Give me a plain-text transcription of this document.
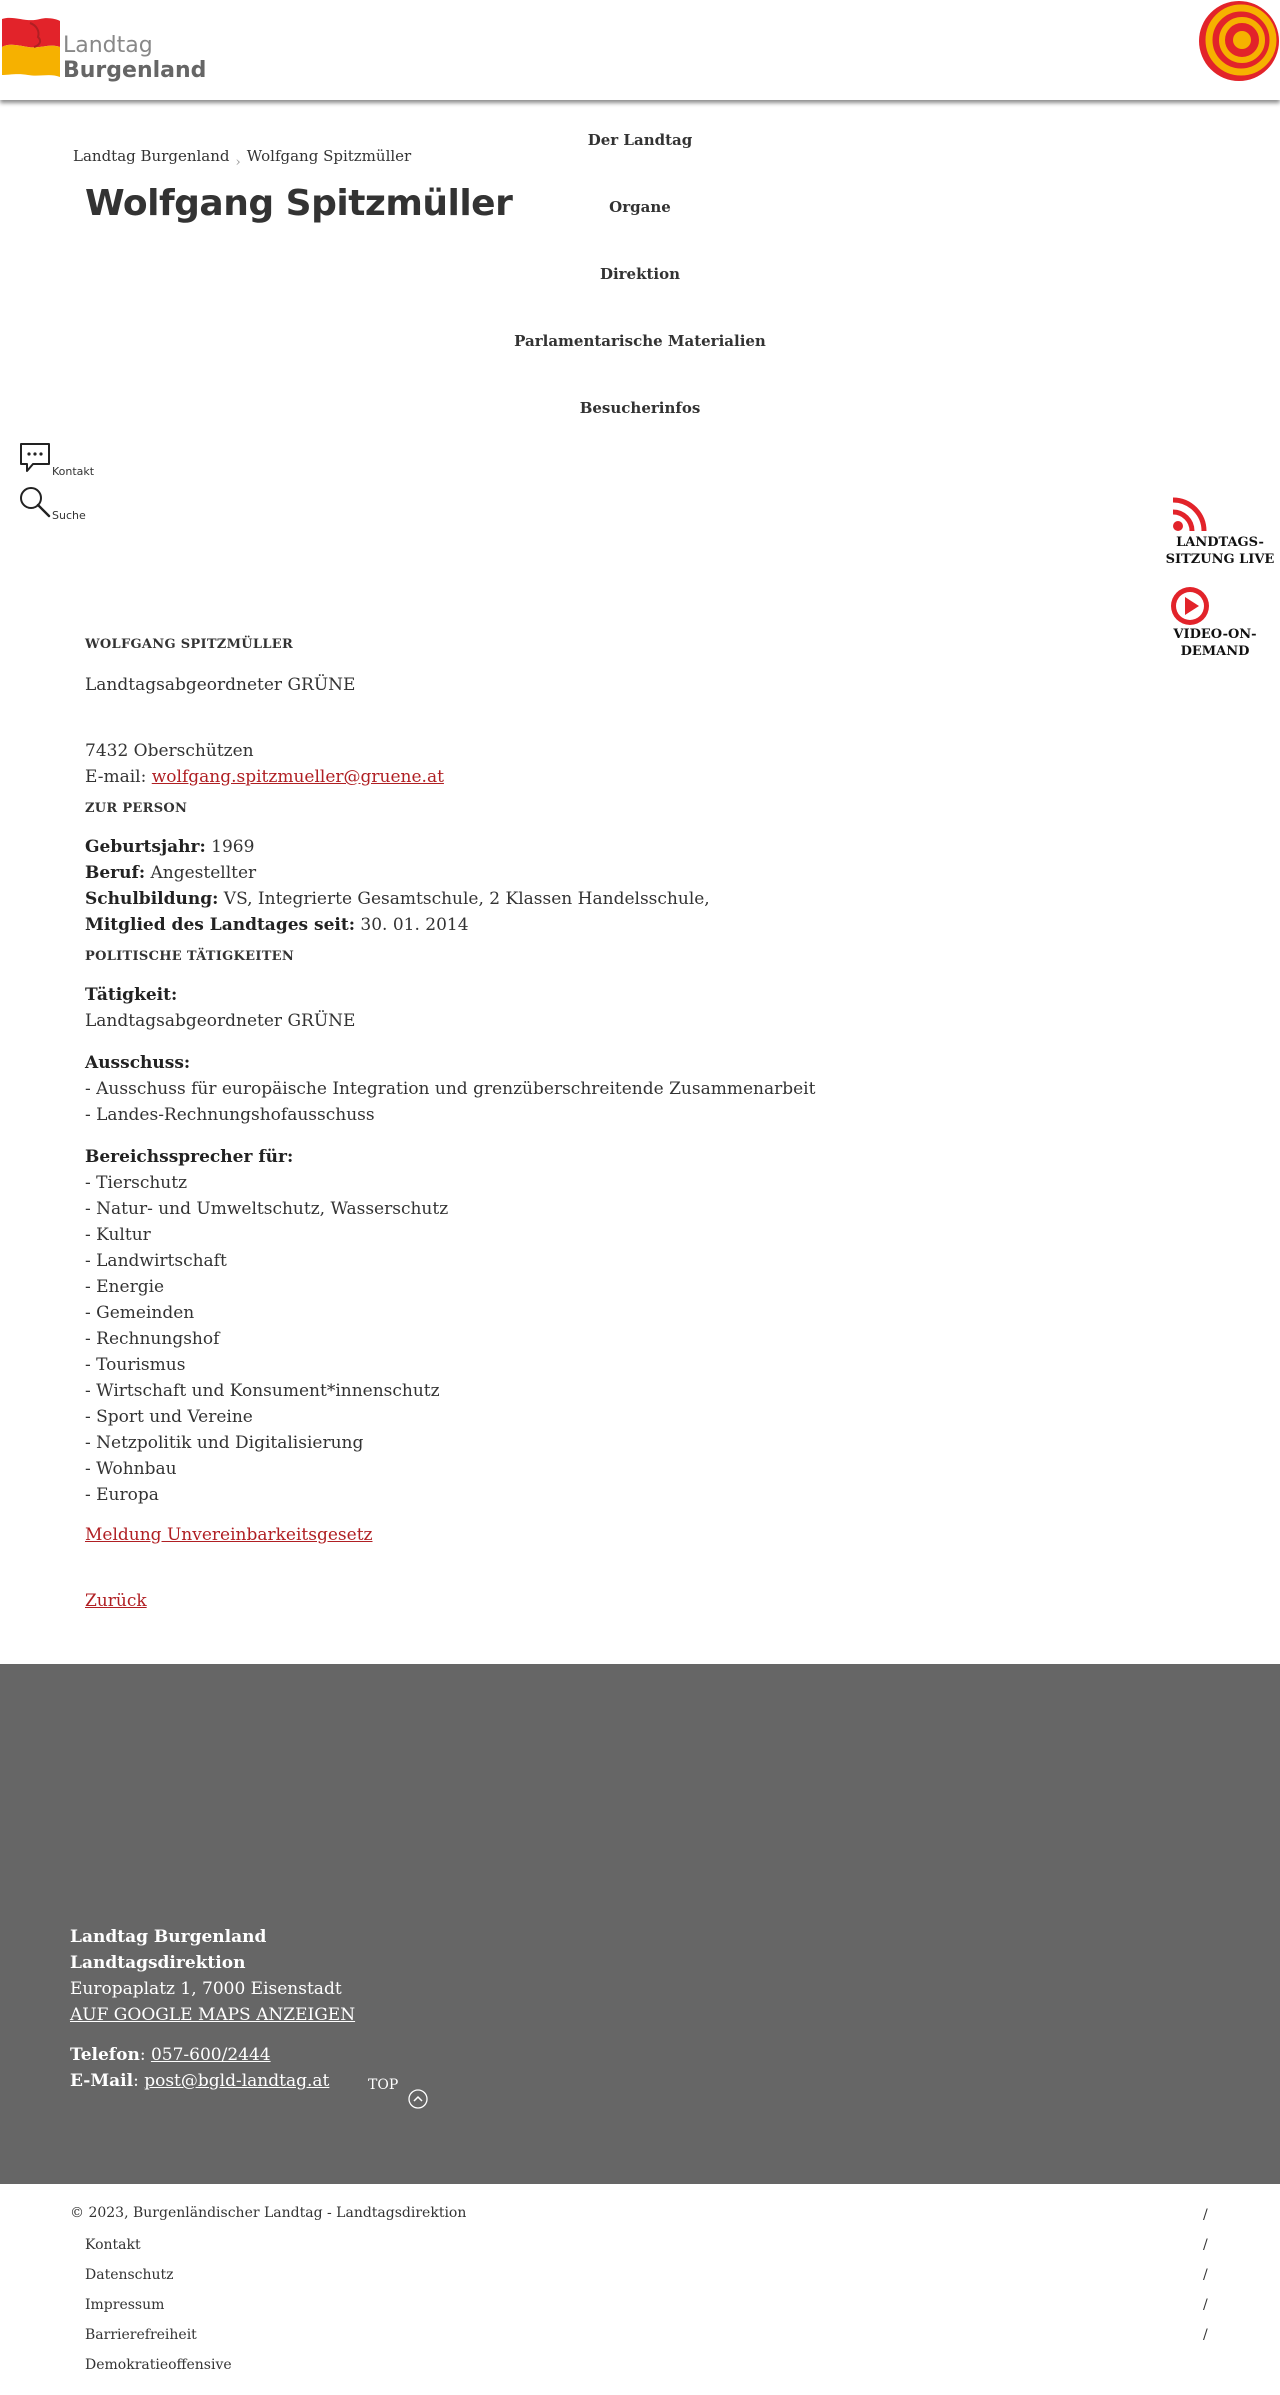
Landtag
Burgenland
Landtag Burgenland › Wolfgang Spitzmüller
Wolfgang Spitzmüller
Der Landtag
Organe
Direktion
Parlamentarische Materialien
Besucherinfos
Kontakt
Suche
LANDTAGS-
SITZUNG LIVE
VIDEO-ON-
DEMAND
WOLFGANG SPITZMÜLLER
Landtagsabgeordneter GRÜNE
7432 Oberschützen
E-mail: wolfgang.spitzmueller@gruene.at
ZUR PERSON
Geburtsjahr: 1969
Beruf: Angestellter
Schulbildung: VS, Integrierte Gesamtschule, 2 Klassen Handelsschule,
Mitglied des Landtages seit: 30. 01. 2014
POLITISCHE TÄTIGKEITEN
Tätigkeit:
Landtagsabgeordneter GRÜNE
Ausschuss:
- Ausschuss für europäische Integration und grenzüberschreitende Zusammenarbeit
- Landes-Rechnungshofausschuss
Bereichssprecher für:
- Tierschutz
- Natur- und Umweltschutz, Wasserschutz
- Kultur
- Landwirtschaft
- Energie
- Gemeinden
- Rechnungshof
- Tourismus
- Wirtschaft und Konsument*innenschutz
- Sport und Vereine
- Netzpolitik und Digitalisierung
- Wohnbau
- Europa
Meldung Unvereinbarkeitsgesetz
Zurück
Landtag Burgenland
Landtagsdirektion
Europaplatz 1, 7000 Eisenstadt
AUF GOOGLE MAPS ANZEIGEN
Telefon: 057-600/2444
E-Mail: post@bgld-landtag.at	TOP
© 2023, Burgenländischer Landtag - Landtagsdirektion
Kontakt
Datenschutz
Impressum
Barrierefreiheit
Demokratieoffensive
/
/
/
/
/
